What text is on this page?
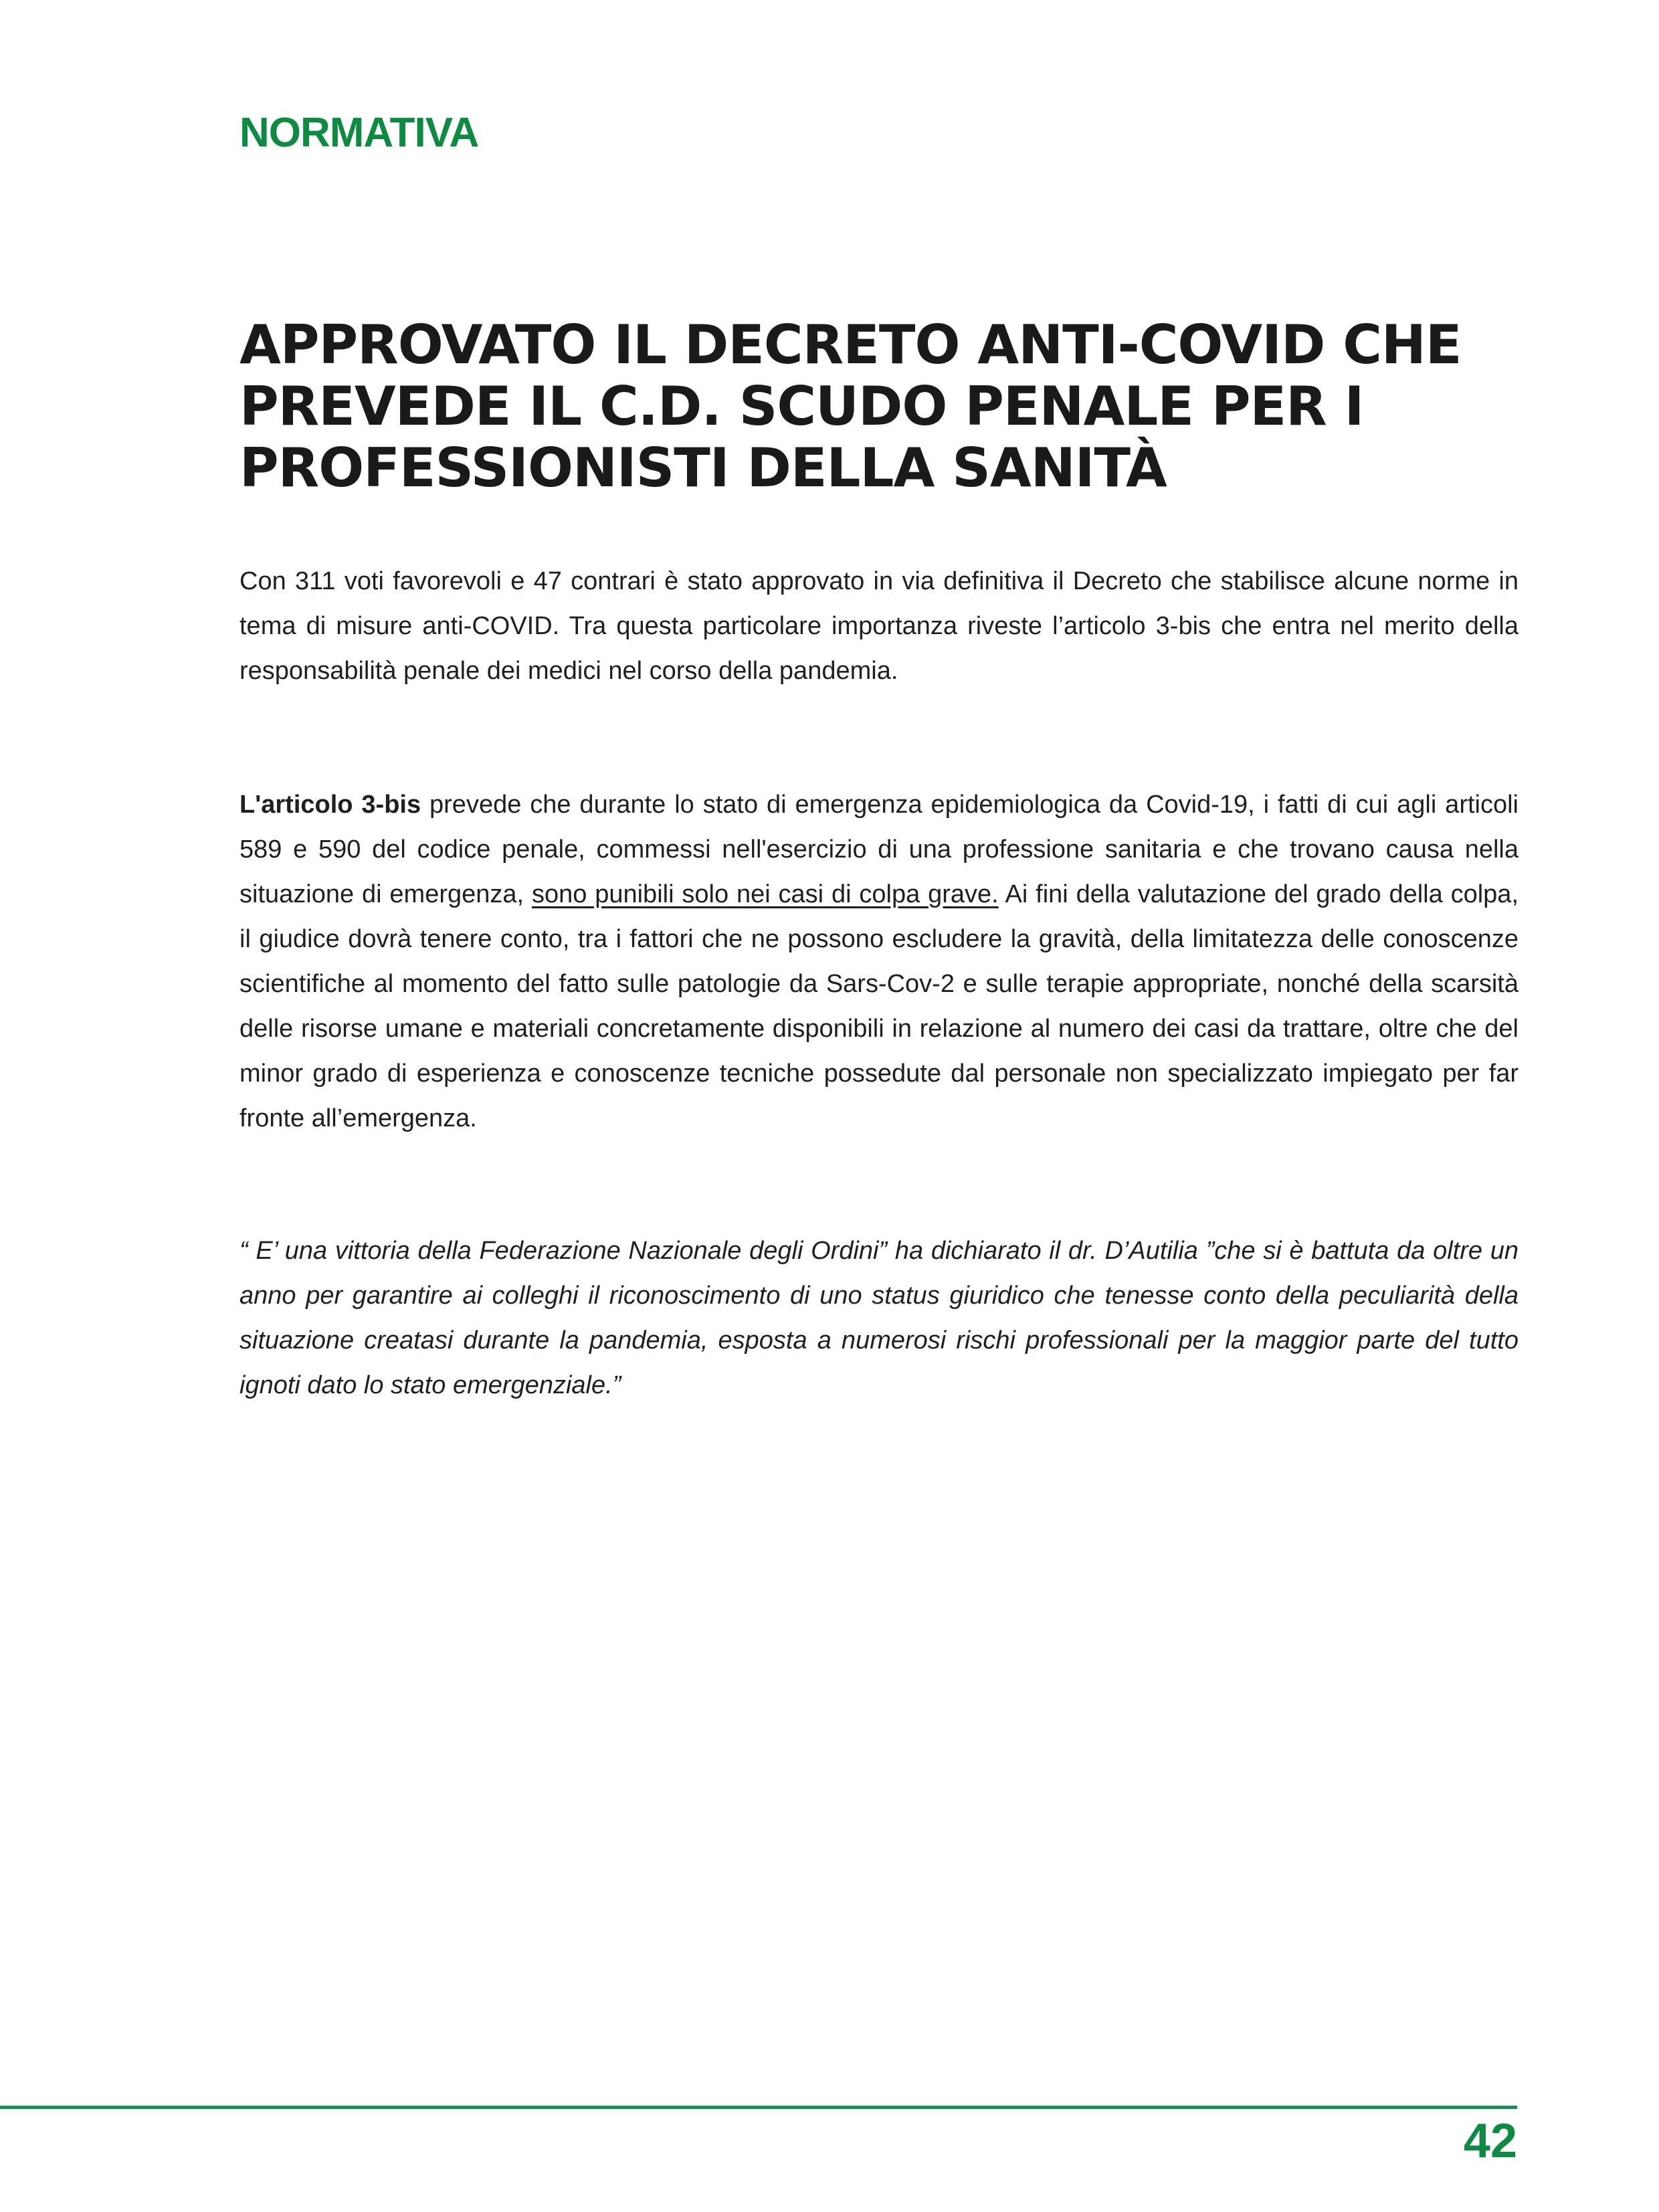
NORMATIVA
APPROVATO IL DECRETO ANTI-COVID CHE
PREVEDE IL C.D. SCUDO PENALE PER I
PROFESSIONISTI DELLA SANITÀ

Con 311 voti favorevoli e 47 contrari è stato approvato in via definitiva il Decreto che stabilisce alcune norme in tema di misure anti-COVID. Tra questa particolare importanza riveste l’articolo 3-bis che entra nel merito della responsabilità penale dei medici nel corso della pandemia.

L'articolo 3-bis prevede che durante lo stato di emergenza epidemiologica da Covid-19, i fatti di cui agli articoli 589 e 590 del codice penale, commessi nell'esercizio di una professione sanitaria e che trovano causa nella situazione di emergenza, sono punibili solo nei casi di colpa grave. Ai fini della valutazione del grado della colpa, il giudice dovrà tenere conto, tra i fattori che ne possono escludere la gravità, della limitatezza delle conoscenze scientifiche al momento del fatto sulle patologie da Sars-Cov-2 e sulle terapie appropriate, nonché della scarsità delle risorse umane e materiali concretamente disponibili in relazione al numero dei casi da trattare, oltre che del minor grado di esperienza e conoscenze tecniche possedute dal personale non specializzato impiegato per far fronte all’emergenza.

“ E’ una vittoria della Federazione Nazionale degli Ordini” ha dichiarato il dr. D’Autilia ”che si è battuta da oltre un anno per garantire ai colleghi il riconoscimento di uno status giuridico che tenesse conto della peculiarità della situazione creatasi durante la pandemia, esposta a numerosi rischi professionali per la maggior parte del tutto ignoti dato lo stato emergenziale.”

42
